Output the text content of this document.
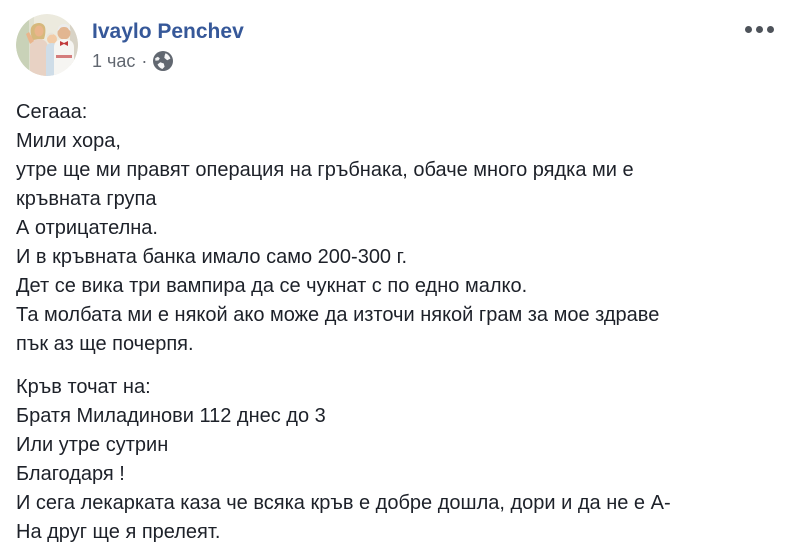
Ivaylo Penchev
1 час ·
Сегааа:
Мили хора,
утре ще ми правят операция на гръбнака, обаче много рядка ми е
кръвната група
А отрицателна.
И в кръвната банка имало само 200-300 г.
Дет се вика три вампира да се чукнат с по едно малко.
Та молбата ми е някой ако може да източи някой грам за мое здраве
пък аз ще почерпя.
Кръв точат на:
Братя Миладинови 112 днес до 3
Или утре сутрин
Благодаря !
И сега лекарката каза че всяка кръв е добре дошла, дори и да не е А-
На друг ще я прелеят.
